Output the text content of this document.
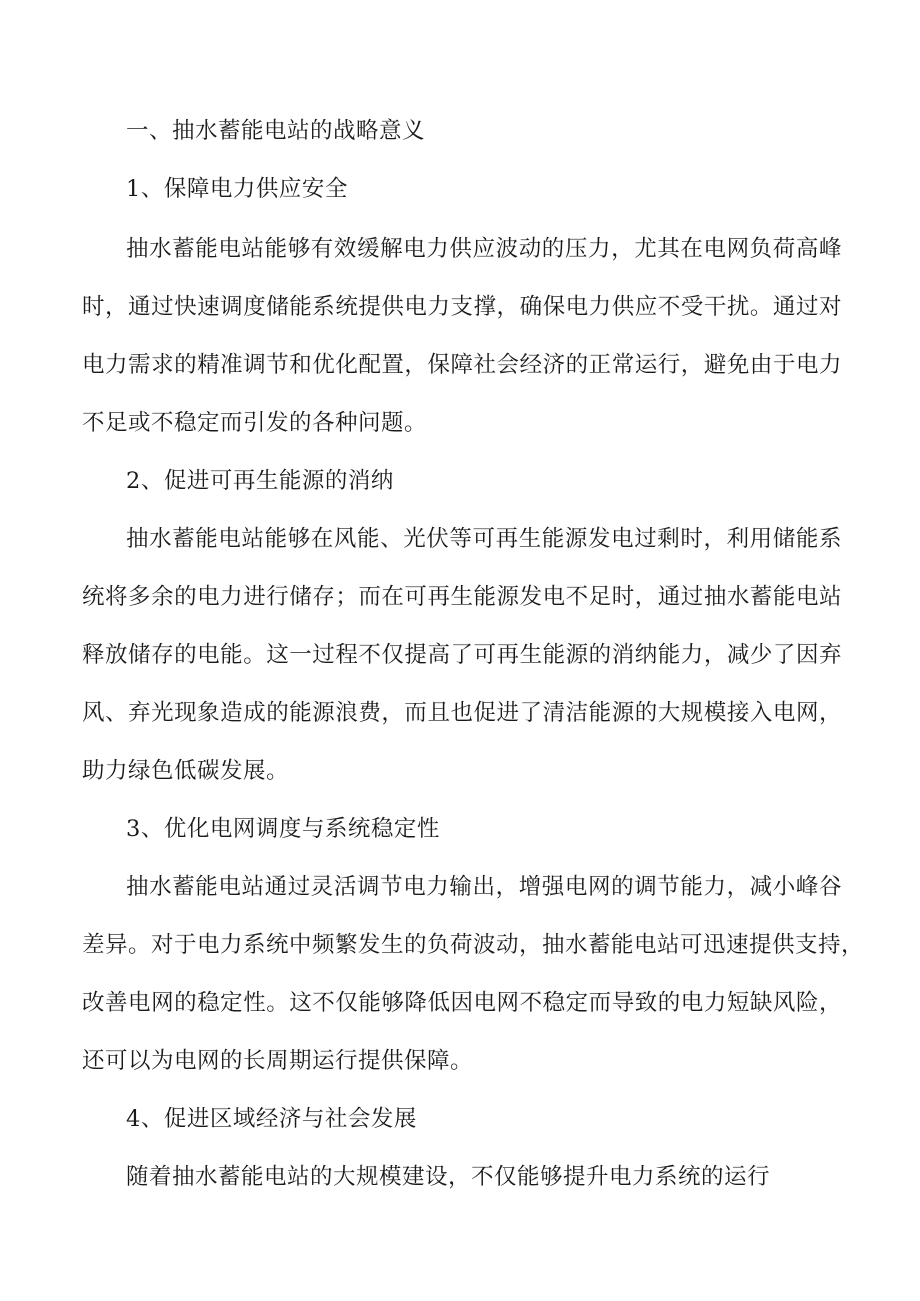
一、抽水蓄能电站的战略意义

1、保障电力供应安全

抽水蓄能电站能够有效缓解电力供应波动的压力，尤其在电网负荷高峰

时，通过快速调度储能系统提供电力支撑，确保电力供应不受干扰。通过对

电力需求的精准调节和优化配置，保障社会经济的正常运行，避免由于电力

不足或不稳定而引发的各种问题。

2、促进可再生能源的消纳

抽水蓄能电站能够在风能、光伏等可再生能源发电过剩时，利用储能系

统将多余的电力进行储存；而在可再生能源发电不足时，通过抽水蓄能电站

释放储存的电能。这一过程不仅提高了可再生能源的消纳能力，减少了因弃

风、弃光现象造成的能源浪费，而且也促进了清洁能源的大规模接入电网，

助力绿色低碳发展。

3、优化电网调度与系统稳定性

抽水蓄能电站通过灵活调节电力输出，增强电网的调节能力，减小峰谷

差异。对于电力系统中频繁发生的负荷波动，抽水蓄能电站可迅速提供支持，

改善电网的稳定性。这不仅能够降低因电网不稳定而导致的电力短缺风险，

还可以为电网的长周期运行提供保障。

4、促进区域经济与社会发展

随着抽水蓄能电站的大规模建设，不仅能够提升电力系统的运行
